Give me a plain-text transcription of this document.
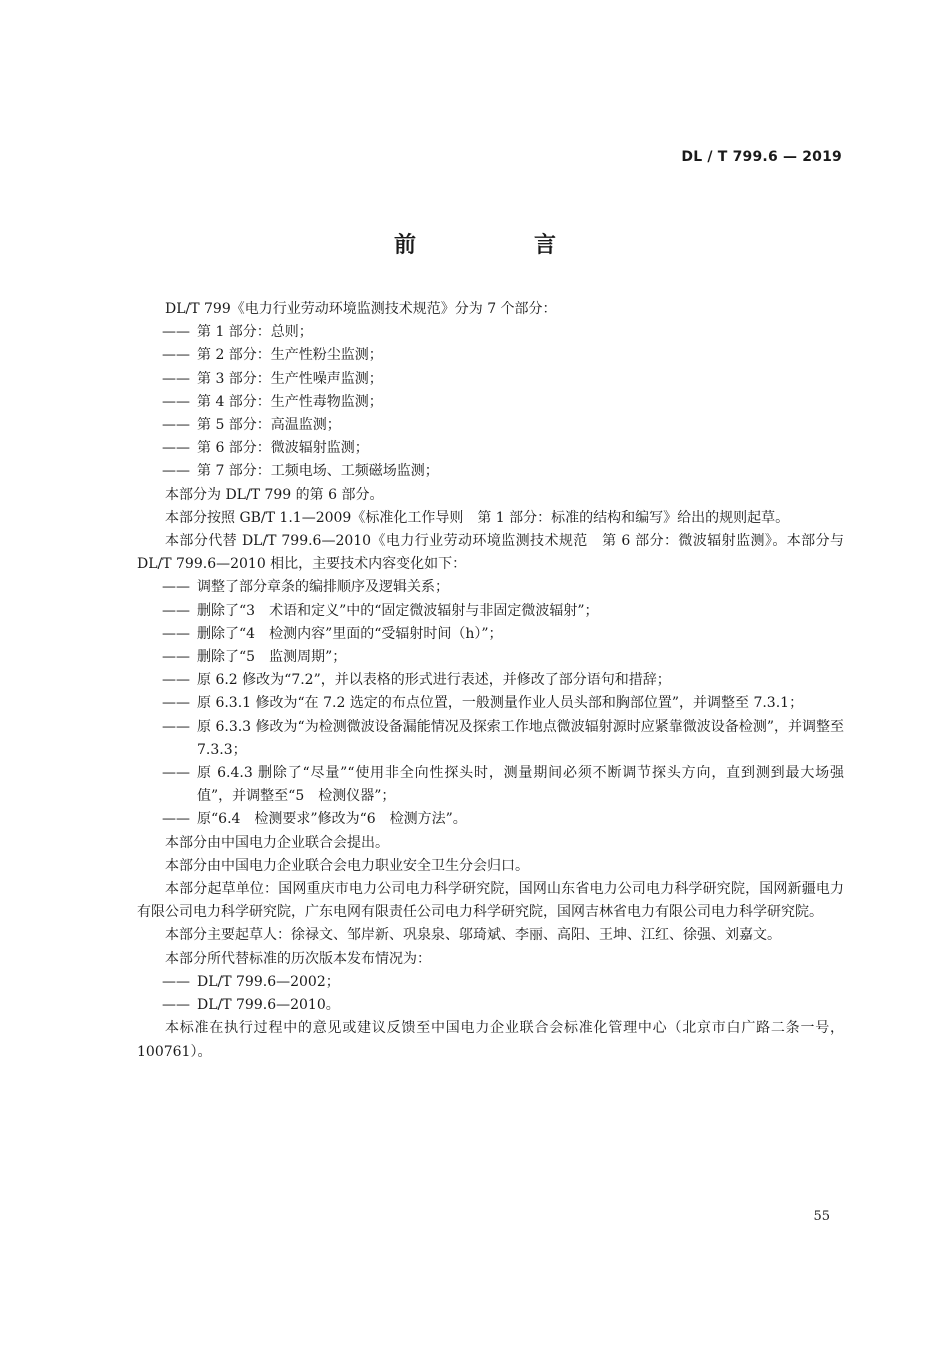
DL / T 799.6 — 2019
前　言

DL/T 799《电力行业劳动环境监测技术规范》分为 7 个部分：

—— 第 1 部分：总则；
—— 第 2 部分：生产性粉尘监测；
—— 第 3 部分：生产性噪声监测；
—— 第 4 部分：生产性毒物监测；
—— 第 5 部分：高温监测；
—— 第 6 部分：微波辐射监测；
—— 第 7 部分：工频电场、工频磁场监测；

本部分为 DL/T 799 的第 6 部分。

本部分按照 GB/T 1.1—2009《标准化工作导则　第 1 部分：标准的结构和编写》给出的规则起草。

本部分代替 DL/T 799.6—2010《电力行业劳动环境监测技术规范　第 6 部分：微波辐射监测》。本部分与 DL/T 799.6—2010 相比，主要技术内容变化如下：

—— 调整了部分章条的编排顺序及逻辑关系；
—— 删除了“3　术语和定义”中的“固定微波辐射与非固定微波辐射”；
—— 删除了“4　检测内容”里面的“受辐射时间（h）”；
—— 删除了“5　监测周期”；
—— 原 6.2 修改为“7.2”，并以表格的形式进行表述，并修改了部分语句和措辞；
—— 原 6.3.1 修改为“在 7.2 选定的布点位置，一般测量作业人员头部和胸部位置”，并调整至 7.3.1；
—— 原 6.3.3 修改为“为检测微波设备漏能情况及探索工作地点微波辐射源时应紧靠微波设备检测”，并调整至 7.3.3；
—— 原 6.4.3 删除了“尽量”“使用非全向性探头时，测量期间必须不断调节探头方向，直到测到最大场强值”，并调整至“5　检测仪器”；
—— 原“6.4　检测要求”修改为“6　检测方法”。

本部分由中国电力企业联合会提出。

本部分由中国电力企业联合会电力职业安全卫生分会归口。

本部分起草单位：国网重庆市电力公司电力科学研究院，国网山东省电力公司电力科学研究院，国网新疆电力有限公司电力科学研究院，广东电网有限责任公司电力科学研究院，国网吉林省电力有限公司电力科学研究院。

本部分主要起草人：徐禄文、邹岸新、巩泉泉、邬琦斌、李丽、高阳、王坤、江红、徐强、刘嘉文。

本部分所代替标准的历次版本发布情况为：

—— DL/T 799.6—2002；
—— DL/T 799.6—2010。

本标准在执行过程中的意见或建议反馈至中国电力企业联合会标准化管理中心（北京市白广路二条一号，100761）。

55
